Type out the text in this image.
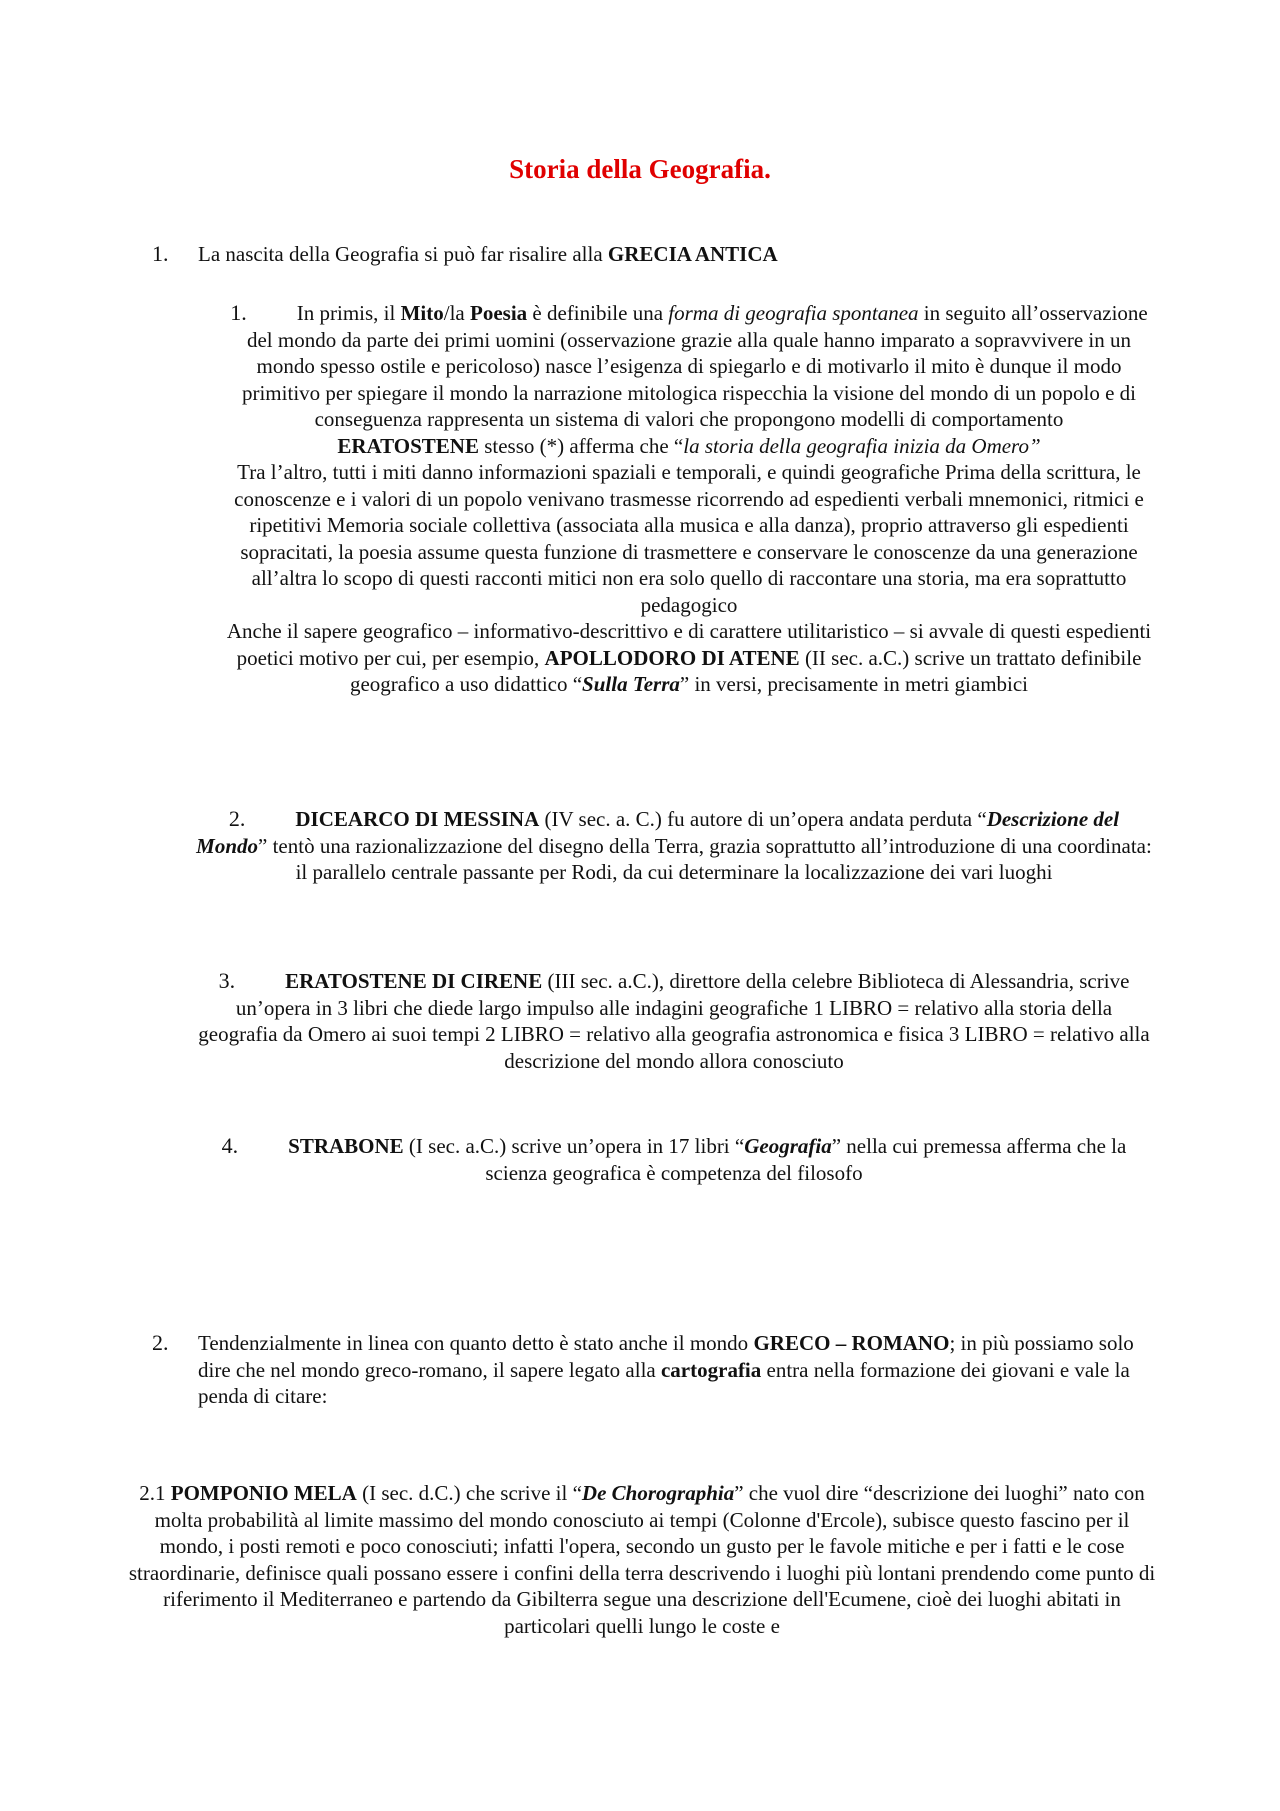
Storia della Geografia.
1. La nascita della Geografia si può far risalire alla GRECIA ANTICA
1. In primis, il Mito/la Poesia è definibile una forma di geografia spontanea in seguito all’osservazione del mondo da parte dei primi uomini (osservazione grazie alla quale hanno imparato a sopravvivere in un mondo spesso ostile e pericoloso) nasce l’esigenza di spiegarlo e di motivarlo il mito è dunque il modo primitivo per spiegare il mondo la narrazione mitologica rispecchia la visione del mondo di un popolo e di conseguenza rappresenta un sistema di valori che propongono modelli di comportamento
ERATOSTENE stesso (*) afferma che “la storia della geografia inizia da Omero”
Tra l’altro, tutti i miti danno informazioni spaziali e temporali, e quindi geografiche Prima della scrittura, le conoscenze e i valori di un popolo venivano trasmesse ricorrendo ad espedienti verbali mnemonici, ritmici e ripetitivi Memoria sociale collettiva (associata alla musica e alla danza), proprio attraverso gli espedienti sopracitati, la poesia assume questa funzione di trasmettere e conservare le conoscenze da una generazione all’altra lo scopo di questi racconti mitici non era solo quello di raccontare una storia, ma era soprattutto pedagogico
Anche il sapere geografico – informativo-descrittivo e di carattere utilitaristico – si avvale di questi espedienti poetici motivo per cui, per esempio, APOLLODORO DI ATENE (II sec. a.C.) scrive un trattato definibile geografico a uso didattico “Sulla Terra” in versi, precisamente in metri giambici
2. DICEARCO DI MESSINA (IV sec. a. C.) fu autore di un’opera andata perduta “Descrizione del Mondo” tentò una razionalizzazione del disegno della Terra, grazia soprattutto all’introduzione di una coordinata: il parallelo centrale passante per Rodi, da cui determinare la localizzazione dei vari luoghi
3. ERATOSTENE DI CIRENE (III sec. a.C.), direttore della celebre Biblioteca di Alessandria, scrive un’opera in 3 libri che diede largo impulso alle indagini geografiche 1 LIBRO = relativo alla storia della geografia da Omero ai suoi tempi 2 LIBRO = relativo alla geografia astronomica e fisica 3 LIBRO = relativo alla descrizione del mondo allora conosciuto
4. STRABONE (I sec. a.C.) scrive un’opera in 17 libri “Geografia” nella cui premessa afferma che la scienza geografica è competenza del filosofo
2. Tendenzialmente in linea con quanto detto è stato anche il mondo GRECO – ROMANO; in più possiamo solo dire che nel mondo greco-romano, il sapere legato alla cartografia entra nella formazione dei giovani e vale la penda di citare:
2.1 POMPONIO MELA (I sec. d.C.) che scrive il “De Chorographia” che vuol dire “descrizione dei luoghi” nato con molta probabilità al limite massimo del mondo conosciuto ai tempi (Colonne d'Ercole), subisce questo fascino per il mondo, i posti remoti e poco conosciuti; infatti l'opera, secondo un gusto per le favole mitiche e per i fatti e le cose straordinarie, definisce quali possano essere i confini della terra descrivendo i luoghi più lontani prendendo come punto di riferimento il Mediterraneo e partendo da Gibilterra segue una descrizione dell'Ecumene, cioè dei luoghi abitati in particolari quelli lungo le coste e
